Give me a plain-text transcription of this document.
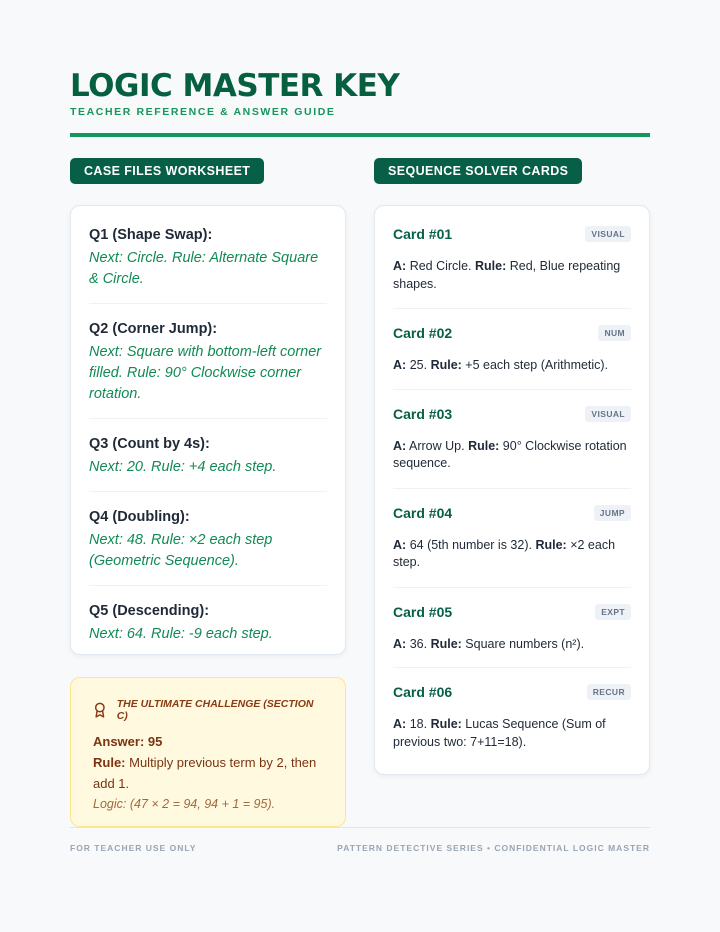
LOGIC MASTER KEY
TEACHER REFERENCE & ANSWER GUIDE
CASE FILES WORKSHEET	SEQUENCE SOLVER CARDS
Q1 (Shape Swap):
Next: Circle. Rule: Alternate Square & Circle.
Q2 (Corner Jump):
Next: Square with bottom-left corner filled. Rule: 90° Clockwise corner rotation.
Q3 (Count by 4s):
Next: 20. Rule: +4 each step.
Q4 (Doubling):
Next: 48. Rule: ×2 each step (Geometric Sequence).
Q5 (Descending):
Next: 64. Rule: -9 each step.
THE ULTIMATE CHALLENGE (SECTION C)
Answer: 95
Rule: Multiply previous term by 2, then add 1.
Logic: (47 × 2 = 94, 94 + 1 = 95).
Card #01	VISUAL
A: Red Circle. Rule: Red, Blue repeating shapes.
Card #02	NUM
A: 25. Rule: +5 each step (Arithmetic).
Card #03	VISUAL
A: Arrow Up. Rule: 90° Clockwise rotation sequence.
Card #04	JUMP
A: 64 (5th number is 32). Rule: ×2 each step.
Card #05	EXPT
A: 36. Rule: Square numbers (n²).
Card #06	RECUR
A: 18. Rule: Lucas Sequence (Sum of previous two: 7+11=18).
FOR TEACHER USE ONLY	PATTERN DETECTIVE SERIES • CONFIDENTIAL LOGIC MASTER
